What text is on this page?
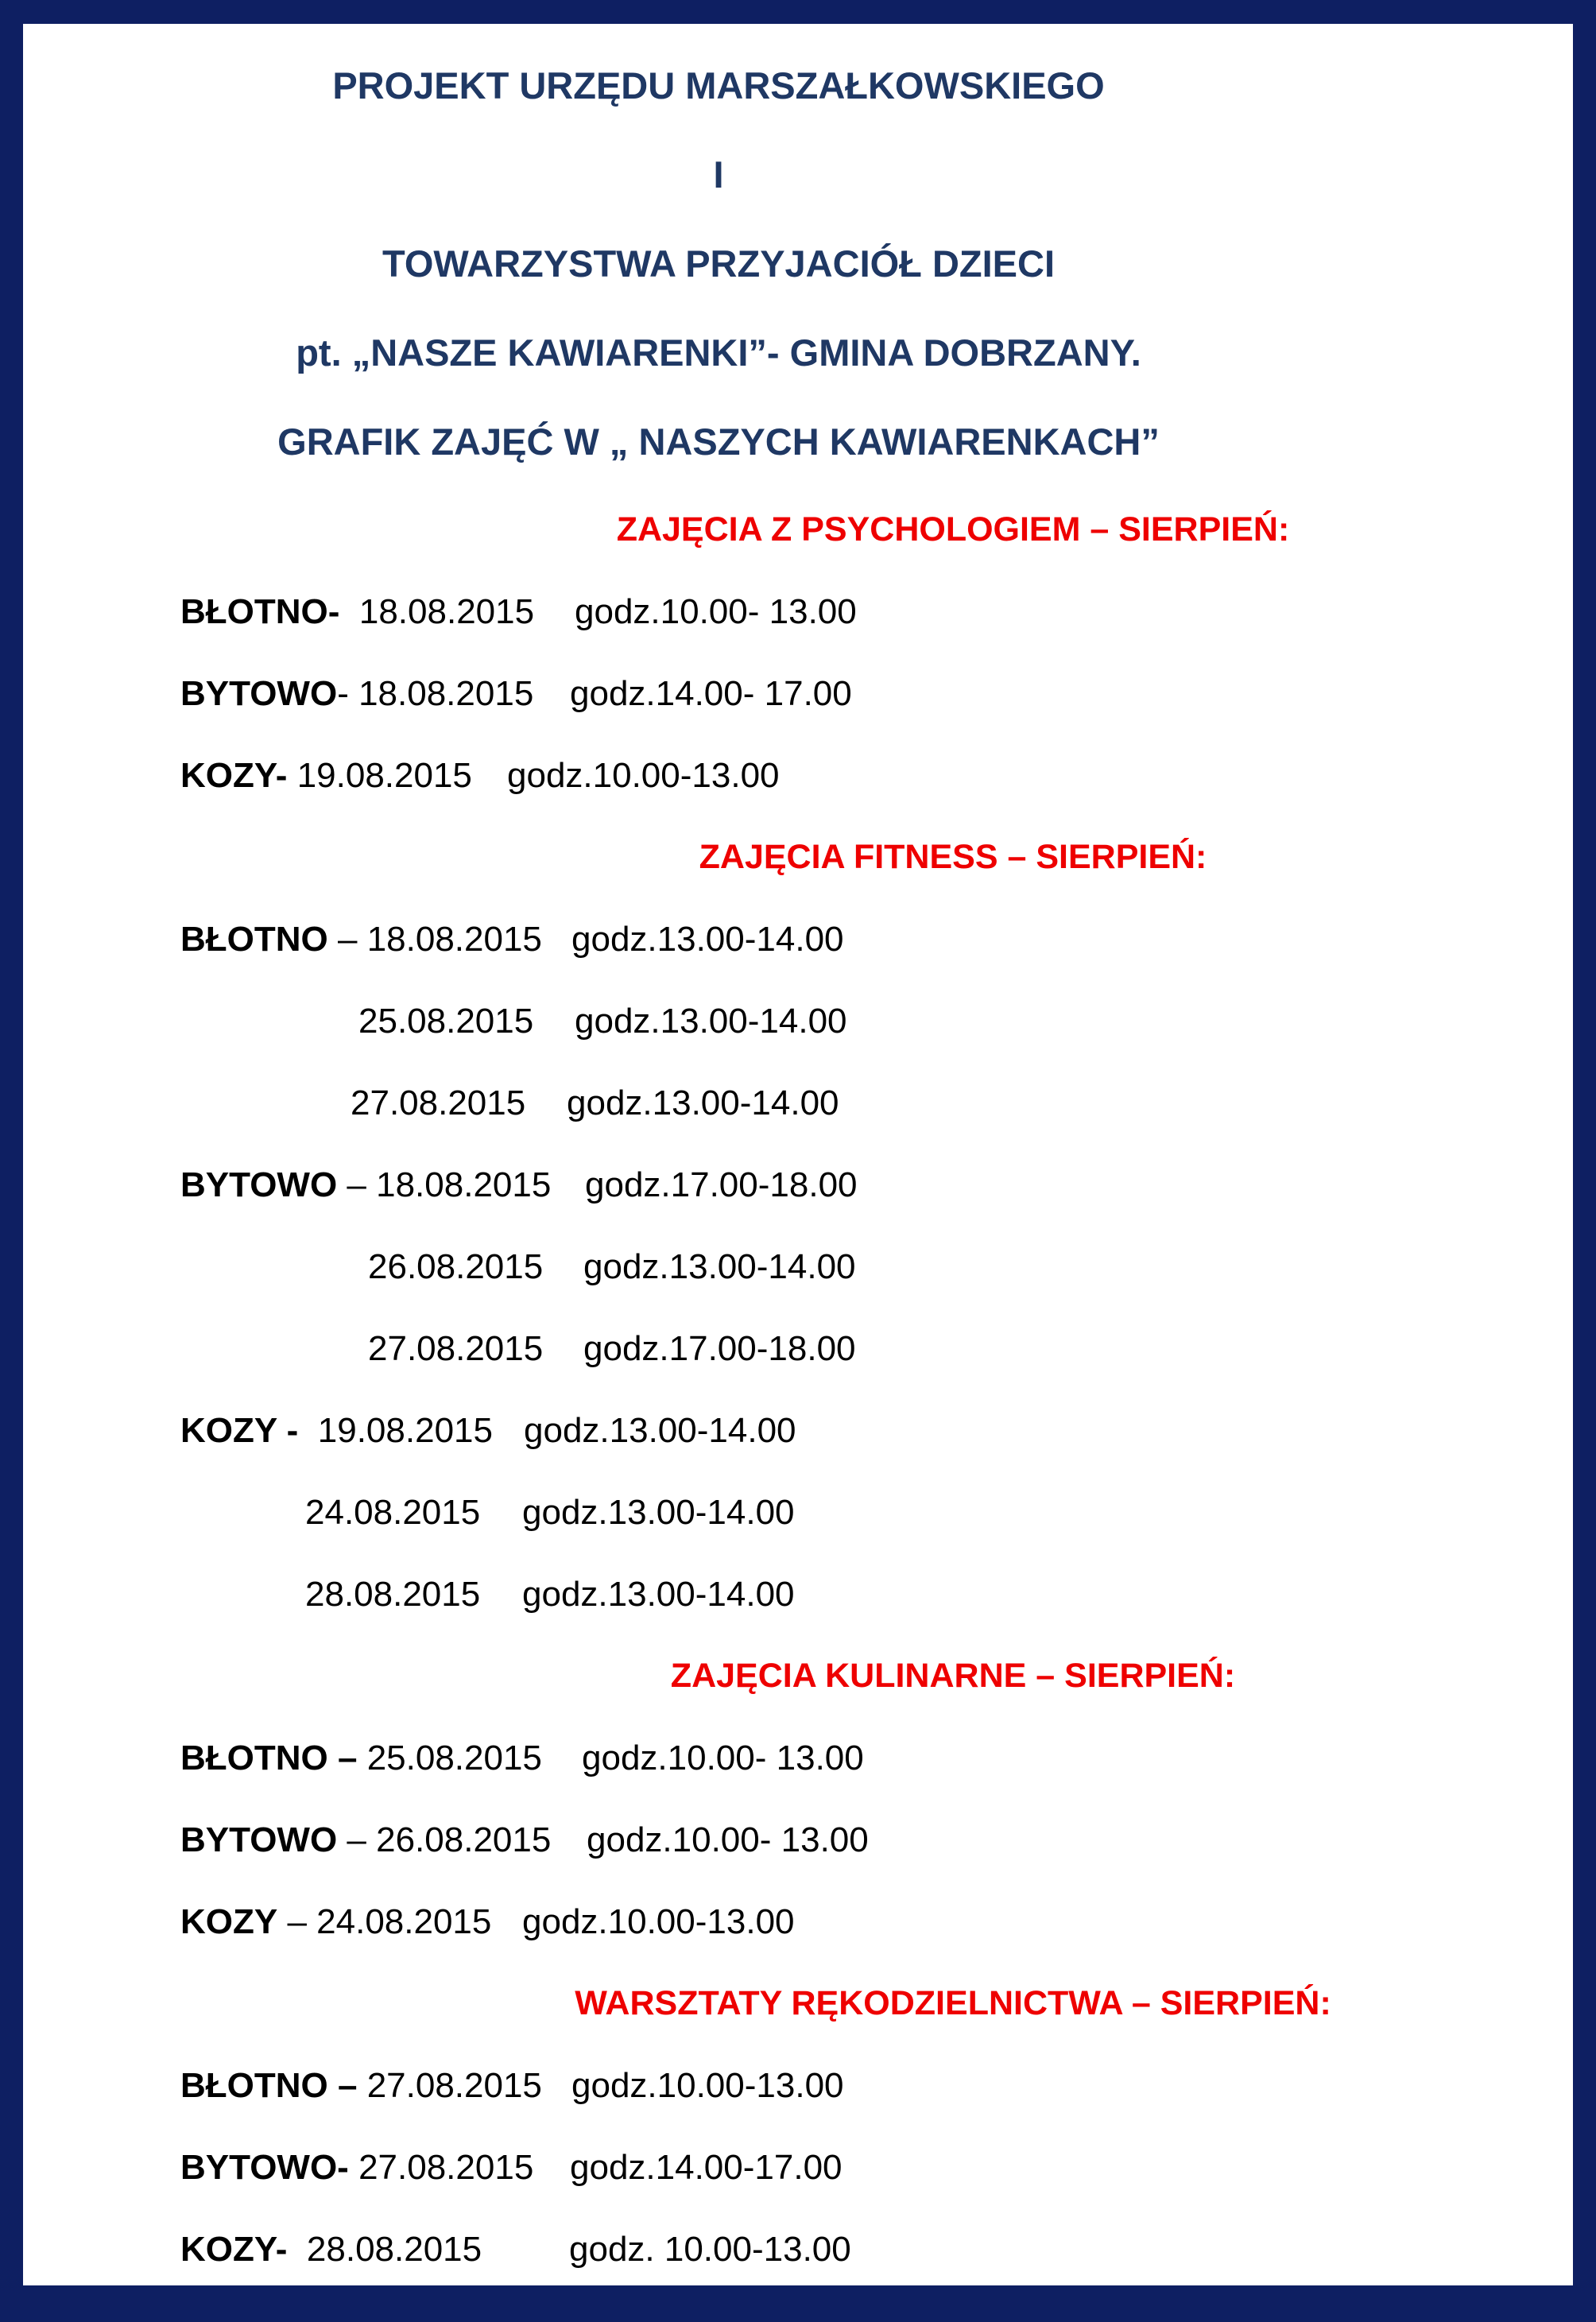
PROJEKT URZĘDU MARSZAŁKOWSKIEGO
I
TOWARZYSTWA PRZYJACIÓŁ DZIECI
pt. „NASZE KAWIARENKI”- GMINA DOBRZANY.
GRAFIK ZAJĘĆ W „ NASZYCH KAWIARENKACH”
ZAJĘCIA Z PSYCHOLOGIEM – SIERPIEŃ:
BŁOTNO- 18.08.2015 godz.10.00- 13.00
BYTOWO- 18.08.2015 godz.14.00- 17.00
KOZY- 19.08.2015 godz.10.00-13.00
ZAJĘCIA FITNESS – SIERPIEŃ:
BŁOTNO – 18.08.2015 godz.13.00-14.00
25.08.2015 godz.13.00-14.00
27.08.2015 godz.13.00-14.00
BYTOWO – 18.08.2015 godz.17.00-18.00
26.08.2015 godz.13.00-14.00
27.08.2015 godz.17.00-18.00
KOZY - 19.08.2015 godz.13.00-14.00
24.08.2015 godz.13.00-14.00
28.08.2015 godz.13.00-14.00
ZAJĘCIA KULINARNE – SIERPIEŃ:
BŁOTNO – 25.08.2015 godz.10.00- 13.00
BYTOWO – 26.08.2015 godz.10.00- 13.00
KOZY – 24.08.2015 godz.10.00-13.00
WARSZTATY RĘKODZIELNICTWA – SIERPIEŃ:
BŁOTNO – 27.08.2015 godz.10.00-13.00
BYTOWO- 27.08.2015 godz.14.00-17.00
KOZY- 28.08.2015 godz. 10.00-13.00
